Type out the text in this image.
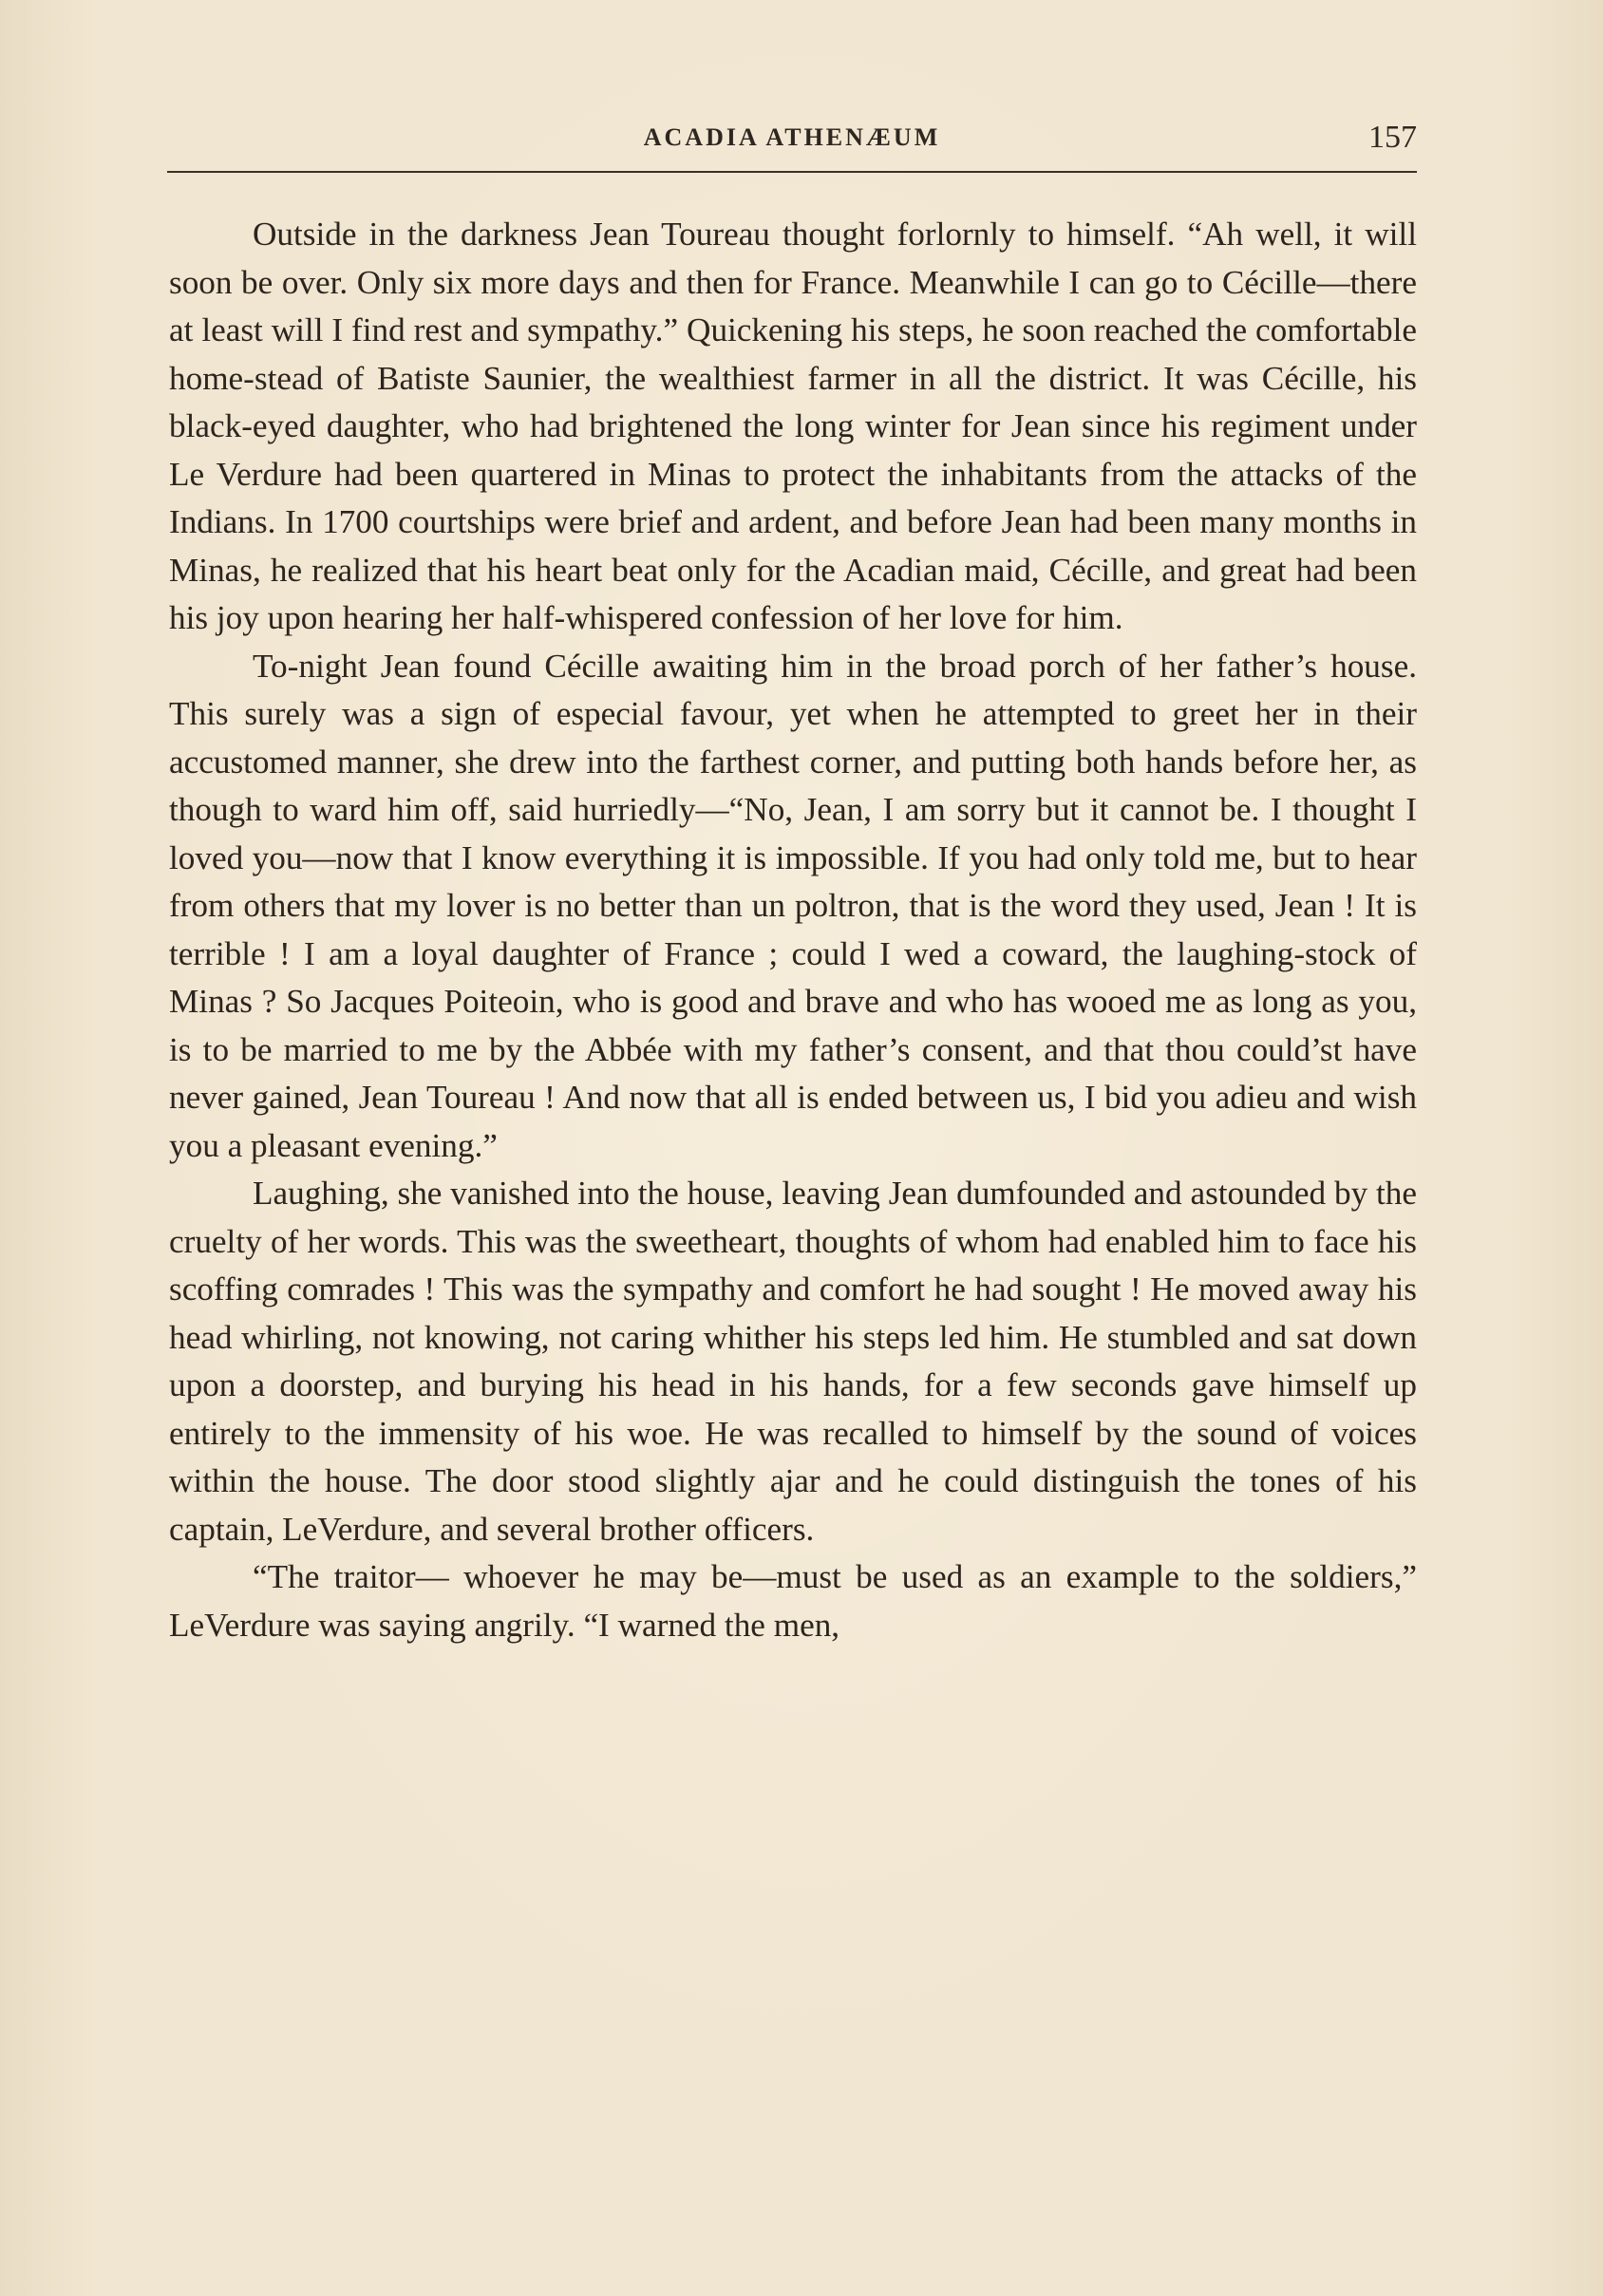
ACADIA ATHENÆUM	157

Outside in the darkness Jean Toureau thought forlornly to himself. “Ah well, it will soon be over. Only six more days and then for France. Meanwhile I can go to Cécille—there at least will I find rest and sympathy.” Quickening his steps, he soon reached the comfortable home-stead of Batiste Saunier, the wealthiest farmer in all the district. It was Cécille, his black-eyed daughter, who had brightened the long winter for Jean since his regiment under Le Verdure had been quartered in Minas to protect the inhabitants from the attacks of the Indians. In 1700 courtships were brief and ardent, and before Jean had been many months in Minas, he realized that his heart beat only for the Acadian maid, Cécille, and great had been his joy upon hearing her half-whispered confession of her love for him.

To-night Jean found Cécille awaiting him in the broad porch of her father’s house. This surely was a sign of especial favour, yet when he attempted to greet her in their accustomed manner, she drew into the farthest corner, and putting both hands before her, as though to ward him off, said hurriedly—“No, Jean, I am sorry but it cannot be. I thought I loved you—now that I know everything it is impossible. If you had only told me, but to hear from others that my lover is no better than un poltron, that is the word they used, Jean ! It is terrible ! I am a loyal daughter of France ; could I wed a coward, the laughing-stock of Minas ? So Jacques Poiteoin, who is good and brave and who has wooed me as long as you, is to be married to me by the Abbée with my father’s consent, and that thou could’st have never gained, Jean Toureau ! And now that all is ended between us, I bid you adieu and wish you a pleasant evening.”

Laughing, she vanished into the house, leaving Jean dumfounded and astounded by the cruelty of her words. This was the sweetheart, thoughts of whom had enabled him to face his scoffing comrades ! This was the sympathy and comfort he had sought ! He moved away his head whirling, not knowing, not caring whither his steps led him. He stumbled and sat down upon a doorstep, and burying his head in his hands, for a few seconds gave himself up entirely to the immensity of his woe. He was recalled to himself by the sound of voices within the house. The door stood slightly ajar and he could distinguish the tones of his captain, LeVerdure, and several brother officers.

“The traitor— whoever he may be—must be used as an example to the soldiers,” LeVerdure was saying angrily. “I warned the men,
